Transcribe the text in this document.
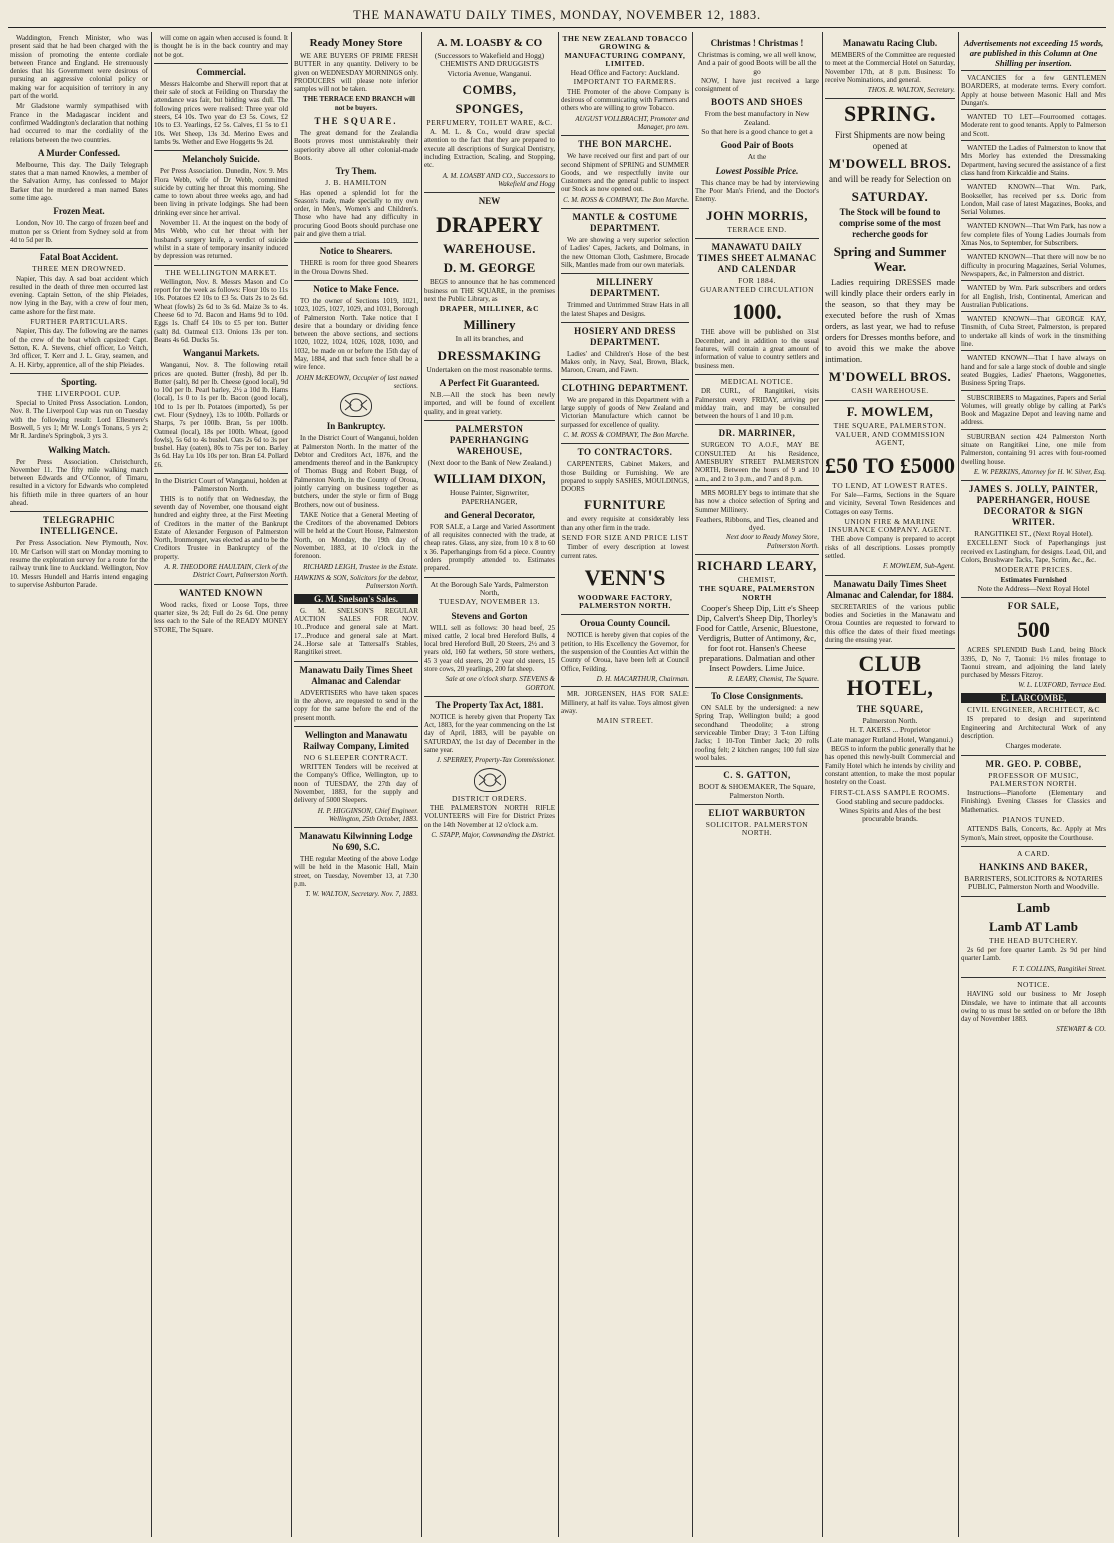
THE MANAWATU DAILY TIMES, MONDAY, NOVEMBER 12, 1883.

Waddington, French Minister, who was present said that he had been charged with the mission of promoting the entente cordiale between France and England. He strenuously denies that his Government were desirous of pursuing an aggressive colonial policy or making war for acquisition of territory in any part of the world.

Mr Gladstone warmly sympathised with France in the Madagascar incident and confirmed Waddington's declaration that nothing had occurred to mar the cordiality of the relations between the two countries.

A Murder Confessed.

Melbourne, This day. The Daily Telegraph states that a man named Knowles, a member of the Salvation Army, has confessed to Major Barker that he murdered a man named Bates some time ago.

Frozen Meat.

London, Nov 10. The cargo of frozen beef and mutton per ss Orient from Sydney sold at from 4d to 5d per lb.

Fatal Boat Accident.
THREE MEN DROWNED.

Napier, This day. A sad boat accident which resulted in the death of three men occurred last evening. Captain Setton, of the ship Pleiades, now lying in the Bay, with a crew of four men, came ashore for the first mate.

FURTHER PARTICULARS.

Napier, This day. The following are the names of the crew of the boat which capsized: Capt. Setton, K. A. Stevens, chief officer, Lo Veitch, 3rd officer, T. Kerr and J. L. Gray, seamen, and A. H. Kirby, apprentice, all of the ship Pleiades.

Sporting.
THE LIVERPOOL CUP.

Special to United Press Association. London, Nov. 8. The Liverpool Cup was run on Tuesday with the following result: Lord Ellesmere's Boswell, 5 yrs 1; Mr W. Long's Tonans, 5 yrs 2; Mr R. Jardine's Springbok, 3 yrs 3.

Walking Match.

Per Press Association. Christchurch, November 11. The fifty mile walking match between Edwards and O'Connor, of Timaru, resulted in a victory for Edwards who completed his fiftieth mile in three quarters of an hour ahead.

TELEGRAPHIC INTELLIGENCE.

Per Press Association. New Plymouth, Nov. 10. Mr Carlson will start on Monday morning to resume the exploration survey for a route for the railway trunk line to Auckland. Wellington, Nov 10. Messrs Hundell and Harris intend engaging to supervise Ashburton Parade.

will come on again when accused is found. It is thought he is in the back country and may not be got.

Commercial.

Messrs Halcombe and Sherwill report that at their sale of stock at Feilding on Thursday the attendance was fair, but bidding was dull. The following prices were realised: Three year old steers, £4 10s. Two year do £3 5s. Cows, £2 10s to £3. Yearlings, £2 5s. Calves, £1 5s to £1 10s. Wet Sheep, 13s 3d. Merino Ewes and lambs 9s. Wether and Ewe Hoggetts 9s 2d.

Melancholy Suicide.

Per Press Association. Dunedin, Nov. 9. Mrs Flora Webb, wife of Dr Webb, committed suicide by cutting her throat this morning. She came to town about three weeks ago, and had been living in private lodgings. She had been drinking ever since her arrival.

November 11. At the inquest on the body of Mrs Webb, who cut her throat with her husband's surgery knife, a verdict of suicide whilst in a state of temporary insanity induced by depression was returned.

THE WELLINGTON MARKET.

Wellington, Nov. 8. Messrs Mason and Co report for the week as follows: Flour 10s to 11s 10s. Potatoes £2 10s to £3 5s. Oats 2s to 2s 6d. Wheat (fowls) 2s 6d to 3s 6d. Maize 3s to 4s. Cheese 6d to 7d. Bacon and Hams 9d to 10d. Eggs 1s. Chaff £4 10s to £5 per ton. Butter (salt) 8d. Oatmeal £13. Onions 13s per ton. Beans 4s 6d. Ducks 5s.

Wanganui Markets.

Wanganui, Nov. 8. The following retail prices are quoted. Butter (fresh), 8d per lb. Butter (salt), 8d per lb. Cheese (good local), 9d to 10d per lb. Pearl barley, 2½ a 10d lb. Hams (local), 1s 0 to 1s per lb. Bacon (good local), 10d to 1s per lb. Potatoes (imported), 5s per cwt. Flour (Sydney), 13s to 100lb. Pollards or Sharps, 7s per 100lb. Bran, 5s per 100lb. Oatmeal (local), 18s per 100lb. Wheat, (good fowls), 5s 6d to 4s bushel. Oats 2s 6d to 3s per bushel. Hay (oaten), 80s to 75s per ton. Barley 3s 6d. Hay Lu 10s 10s per ton. Bran £4. Pollard £6.

In the District Court of Wanganui, holden at Palmerston North.

THIS is to notify that on Wednesday, the seventh day of November, one thousand eight hundred and eighty three, at the First Meeting of Creditors in the matter of the Bankrupt Estate of Alexander Ferguson of Palmerston North, Ironmonger, was elected as and to be the Creditors Trustee in Bankruptcy of the property.

A. R. THEODORE HAULTAIN, Clerk of the District Court, Palmerston North.
WANTED KNOWN

Wood racks, fixed or Loose Tops, three quarter size, 9s 2d; Full do 2s 6d. One penny less each to the Sale of the READY MONEY STORE, The Square.

Ready Money Store

WE ARE BUYERS OF PRIME FRESH BUTTER in any quantity. Delivery to be given on WEDNESDAY MORNINGS only. PRODUCERS will please note inferior samples will not be taken.

THE TERRACE END BRANCH will not be buyers.

THE SQUARE.

The great demand for the Zealandia Boots proves most unmistakeably their superiority above all other colonial-made Boots.

Try Them.
J. B. HAMILTON

Has opened a splendid lot for the Season's trade, made specially to my own order, in Men's, Women's and Children's. Those who have had any difficulty in procuring Good Boots should purchase one pair and give them a trial.

Notice to Shearers.

THERE is room for three good Shearers in the Oroua Downs Shed.

Notice to Make Fence.

TO the owner of Sections 1019, 1021, 1023, 1025, 1027, 1029, and 1031, Borough of Palmerston North. Take notice that I desire that a boundary or dividing fence between the above sections, and sections 1020, 1022, 1024, 1026, 1028, 1030, and 1032, be made on or before the 15th day of May, 1884, and that such fence shall be a wire fence.

JOHN McKEOWN, Occupier of last named sections.
In Bankruptcy.

In the District Court of Wanganui, holden at Palmerston North. In the matter of the Debtor and Creditors Act, 1876, and the amendments thereof and in the Bankruptcy of Thomas Bugg and Robert Bugg, of Palmerston North, in the County of Oroua, jointly carrying on business together as butchers, under the style or firm of Bugg Brothers, now out of business.

TAKE Notice that a General Meeting of the Creditors of the abovenamed Debtors will be held at the Court House, Palmerston North, on Monday, the 19th day of November, 1883, at 10 o'clock in the forenoon.

RICHARD LEIGH, Trustee in the Estate.
HAWKINS & SON, Solicitors for the debtor, Palmerston North.
G. M. Snelson's Sales.

G. M. SNELSON'S REGULAR AUCTION SALES FOR NOV. 10...Produce and general sale at Mart. 17...Produce and general sale at Mart. 24...Horse sale at Tattersall's Stables, Rangitikei street.

Manawatu Daily Times Sheet Almanac and Calendar

ADVERTISERS who have taken spaces in the above, are requested to send in the copy for the same before the end of the present month.

Wellington and Manawatu Railway Company, Limited
NO 6 SLEEPER CONTRACT.

WRITTEN Tenders will be received at the Company's Office, Wellington, up to noon of TUESDAY, the 27th day of November, 1883, for the supply and delivery of 5000 Sleepers.

H. P. HIGGINSON, Chief Engineer. Wellington, 25th October, 1883.
Manawatu Kilwinning Lodge No 690, S.C.

THE regular Meeting of the above Lodge will be held in the Masonic Hall, Main street, on Tuesday, November 13, at 7.30 p.m.

T. W. WALTON, Secretary. Nov. 7, 1883.
A. M. LOASBY & CO
(Successors to Wakefield and Hogg) CHEMISTS AND DRUGGISTS
Victoria Avenue, Wanganui.
COMBS,
SPONGES,
PERFUMERY, TOILET WARE, &C.

A. M. L. & Co., would draw special attention to the fact that they are prepared to execute all descriptions of Surgical Dentistry, including Extraction, Scaling, and Stopping, etc.

A. M. LOASBY AND CO., Successors to Wakefield and Hogg
NEW
DRAPERY
WAREHOUSE.
D. M. GEORGE

BEGS to announce that he has commenced business on THE SQUARE, in the premises next the Public Library, as

DRAPER, MILLINER, &C
Millinery
In all its branches, and
DRESSMAKING
Undertaken on the most reasonable terms.
A Perfect Fit Guaranteed.

N.B.—All the stock has been newly imported, and will be found of excellent quality, and in great variety.

PALMERSTON PAPERHANGING WAREHOUSE,
(Next door to the Bank of New Zealand.)
WILLIAM DIXON,
House Painter, Signwriter, PAPERHANGER,
and General Decorator,

FOR SALE, a Large and Varied Assortment of all requisites connected with the trade, at cheap rates. Glass, any size, from 10 x 8 to 60 x 36. Paperhangings from 6d a piece. Country orders promptly attended to. Estimates prepared.

At the Borough Sale Yards, Palmerston North,
TUESDAY, NOVEMBER 13.
Stevens and Gorton

WILL sell as follows: 30 head beef, 25 mixed cattle, 2 local bred Hereford Bulls, 4 local bred Hereford Bull, 20 Steers, 2½ and 3 years old, 160 fat wethers, 50 store wethers, 45 3 year old steers, 20 2 year old steers, 15 store cows, 20 yearlings, 200 fat sheep.

Sale at one o'clock sharp. STEVENS & GORTON.
The Property Tax Act, 1881.

NOTICE is hereby given that Property Tax Act, 1883, for the year commencing on the 1st day of April, 1883, will be payable on SATURDAY, the 1st day of December in the same year.

J. SPERREY, Property-Tax Commissioner.
DISTRICT ORDERS.

THE PALMERSTON NORTH RIFLE VOLUNTEERS will Fire for District Prizes on the 14th November at 12 o'clock a.m.

C. STAPP, Major, Commanding the District.
THE NEW ZEALAND TOBACCO GROWING & MANUFACTURING COMPANY, LIMITED.
Head Office and Factory: Auckland.
IMPORTANT TO FARMERS.

THE Promoter of the above Company is desirous of communicating with Farmers and others who are willing to grow Tobacco.

AUGUST VOLLBRACHT, Promoter and Manager, pro tem.
THE BON MARCHE.

We have received our first and part of our second Shipment of SPRING and SUMMER Goods, and we respectfully invite our Customers and the general public to inspect our Stock as now opened out.

C. M. ROSS & COMPANY, The Bon Marche.
MANTLE & COSTUME DEPARTMENT.

We are showing a very superior selection of Ladies' Capes, Jackets, and Dolmans, in the new Ottoman Cloth, Cashmere, Brocade Silk, Mantles made from our own materials.

MILLINERY DEPARTMENT.

Trimmed and Untrimmed Straw Hats in all the latest Shapes and Designs.

HOSIERY AND DRESS DEPARTMENT.

Ladies' and Children's Hose of the best Makes only, in Navy, Seal, Brown, Black, Maroon, Cream, and Fawn.

CLOTHING DEPARTMENT.

We are prepared in this Department with a large supply of goods of New Zealand and Victorian Manufacture which cannot be surpassed for excellence of quality.

C. M. ROSS & COMPANY, The Bon Marche.
TO CONTRACTORS.

CARPENTERS, Cabinet Makers, and those Building or Furnishing. We are prepared to supply SASHES, MOULDINGS, DOORS

FURNITURE

and every requisite at considerably less than any other firm in the trade.

SEND FOR SIZE AND PRICE LIST

Timber of every description at lowest current rates.

VENN'S
WOODWARE FACTORY, PALMERSTON NORTH.
Oroua County Council.

NOTICE is hereby given that copies of the petition, to His Excellency the Governor, for the suspension of the Counties Act within the County of Oroua, have been left at Council Office, Feilding.

D. H. MACARTHUR, Chairman.

MR. JORGENSEN, HAS FOR SALE: Millinery, at half its value. Toys almost given away.

MAIN STREET.
Christmas ! Christmas !
Christmas is coming, we all well know, And a pair of good Boots will be all the go

NOW, I have just received a large consignment of

BOOTS AND SHOES
From the best manufactory in New Zealand.
So that here is a good chance to get a
Good Pair of Boots
At the
Lowest Possible Price.

This chance may be had by interviewing The Poor Man's Friend, and the Doctor's Enemy.

JOHN MORRIS,
TERRACE END.
MANAWATU DAILY TIMES SHEET ALMANAC AND CALENDAR
FOR 1884.
GUARANTEED CIRCULATION
1000.

THE above will be published on 31st December, and in addition to the usual features, will contain a great amount of information of value to country settlers and business men.

MEDICAL NOTICE.

DR CURL, of Rangitikei, visits Palmerston every FRIDAY, arriving per midday train, and may be consulted between the hours of 1 and 10 p.m.

DR. MARRINER,

SURGEON TO A.O.F., MAY BE CONSULTED At his Residence, AMESBURY STREET PALMERSTON NORTH, Between the hours of 9 and 10 a.m., and 2 to 3 p.m., and 7 and 8 p.m.

MRS MORLEY begs to intimate that she has now a choice selection of Spring and Summer Millinery.

Feathers, Ribbons, and Ties, cleaned and dyed.
Next door to Ready Money Store, Palmerston North.
RICHARD LEARY,
CHEMIST,
THE SQUARE, PALMERSTON NORTH

Cooper's Sheep Dip, Litt e's Sheep Dip, Calvert's Sheep Dip, Thorley's Food for Cattle, Arsenic, Bluestone, Verdigris, Butter of Antimony, &c, for foot rot. Hansen's Cheese preparations. Dalmatian and other Insect Powders. Lime Juice.

R. LEARY, Chemist, The Square.
To Close Consignments.

ON SALE by the undersigned: a new Spring Trap, Wellington build; a good secondhand Theodolite; a strong serviceable Timber Dray; 3 T-ton Lifting Jacks; 1 10-Ton Timber Jack; 20 rolls roofing felt; 2 kitchen ranges; 100 full size wool bales.

C. S. GATTON,
BOOT & SHOEMAKER, The Square, Palmerston North.
ELIOT WARBURTON
SOLICITOR. PALMERSTON NORTH.
Manawatu Racing Club.

MEMBERS of the Committee are requested to meet at the Commercial Hotel on Saturday, November 17th, at 8 p.m. Business: To receive Nominations, and general.

THOS. R. WALTON, Secretary.
SPRING.
First Shipments are now being opened at
M'DOWELL BROS.
and will be ready for Selection on
SATURDAY.
The Stock will be found to comprise some of the most recherche goods for
Spring and Summer Wear.

Ladies requiring DRESSES made will kindly place their orders early in the season, so that they may be executed before the rush of Xmas orders, as last year, we had to refuse orders for Dresses months before, and to avoid this we make the above intimation.

M'DOWELL BROS.
CASH WAREHOUSE.
F. MOWLEM,
THE SQUARE, PALMERSTON.
VALUER, AND COMMISSION AGENT,
£50 TO £5000
TO LEND, AT LOWEST RATES.

For Sale—Farms, Sections in the Square and vicinity, Several Town Residences and Cottages on easy Terms.

UNION FIRE & MARINE INSURANCE COMPANY. AGENT.

THE above Company is prepared to accept risks of all descriptions. Losses promptly settled.

F. MOWLEM, Sub-Agent.
Manawatu Daily Times Sheet Almanac and Calendar, for 1884.

SECRETARIES of the various public bodies and Societies in the Manawatu and Oroua Counties are requested to forward to this office the dates of their fixed meetings during the ensuing year.

CLUB HOTEL,
THE SQUARE,
Palmerston North.
H. T. AKERS ... Proprietor
(Late manager Rutland Hotel, Wanganui.)

BEGS to inform the public generally that he has opened this newly-built Commercial and Family Hotel which he intends by civility and constant attention, to make the most popular hostelry on the Coast.

FIRST-CLASS SAMPLE ROOMS.
Good stabling and secure paddocks.
Wines Spirits and Ales of the best procurable brands.
Advertisements not exceeding 15 words, are published in this Column at One Shilling per insertion.

VACANCIES for a few GENTLEMEN BOARDERS, at moderate terms. Every comfort. Apply at house between Masonic Hall and Mrs Dungan's.

WANTED TO LET—Fourroomed cottages. Moderate rent to good tenants. Apply to Palmerson and Scott.

WANTED the Ladies of Palmerston to know that Mrs Morley has extended the Dressmaking Department, having secured the assistance of a first class hand from Kirkcaldie and Stains.

WANTED KNOWN—That Wm. Park, Bookseller, has received per s.s. Doric from London, Mail case of latest Magazines, Books, and Serial Volumes.

WANTED KNOWN—That Wm Park, has now a few complete files of Young Ladies Journals from Xmas Nos, to September, for Subscribers.

WANTED KNOWN—That there will now be no difficulty in procuring Magazines, Serial Volumes, Newspapers, &c, in Palmerston and district.

WANTED by Wm. Park subscribers and orders for all English, Irish, Continental, American and Australian Publications.

WANTED KNOWN—That GEORGE KAY, Tinsmith, of Cuba Street, Palmerston, is prepared to undertake all kinds of work in the tinsmithing line.

WANTED KNOWN—That I have always on hand and for sale a large stock of double and single seated Buggies, Ladies' Phaetons, Waggonettes, Business Spring Traps.

SUBSCRIBERS to Magazines, Papers and Serial Volumes, will greatly oblige by calling at Park's Book and Magazine Depot and leaving name and address.

SUBURBAN section 424 Palmerston North situate on Rangitikei Line, one mile from Palmerston, containing 91 acres with four-roomed dwelling house.

E. W. PERKINS, Attorney for H. W. Silver, Esq.
JAMES S. JOLLY, PAINTER, PAPERHANGER, HOUSE DECORATOR & SIGN WRITER.
RANGITIKEI ST., (Next Royal Hotel).

EXCELLENT Stock of Paperhangings just received ex Lastingham, for designs. Lead, Oil, and Colors, Brushware Tacks, Tape, Scrim, &c., &c.

MODERATE PRICES.
Estimates Furnished
Note the Address—Next Royal Hotel
FOR SALE,
500

ACRES SPLENDID Bush Land, being Block 3395, D, No 7, Taonui: 1½ miles frontage to Taonui stream, and adjoining the land lately purchased by Messrs Fitzroy.

W. L. LUXFORD, Terrace End.
E. LARCOMBE,
CIVIL ENGINEER, ARCHITECT, &C

IS prepared to design and superintend Engineering and Architectural Work of any description.

Charges moderate.
MR. GEO. P. COBBE,
PROFESSOR OF MUSIC, PALMERSTON NORTH.

Instructions—Pianoforte (Elementary and Finishing). Evening Classes for Classics and Mathematics.

PIANOS TUNED.

ATTENDS Balls, Concerts, &c. Apply at Mrs Symon's, Main street, opposite the Courthouse.

A CARD.
HANKINS AND BAKER,
BARRISTERS, SOLICITORS & NOTARIES PUBLIC, Palmerston North and Woodville.
Lamb
Lamb AT Lamb
THE HEAD BUTCHERY.

2s 6d per fore quarter Lamb. 2s 9d per hind quarter Lamb.

F. T. COLLINS, Rangitikei Street.
NOTICE.

HAVING sold our business to Mr Joseph Dinsdale, we have to intimate that all accounts owing to us must be settled on or before the 18th day of November 1883.

STEWART & CO.
